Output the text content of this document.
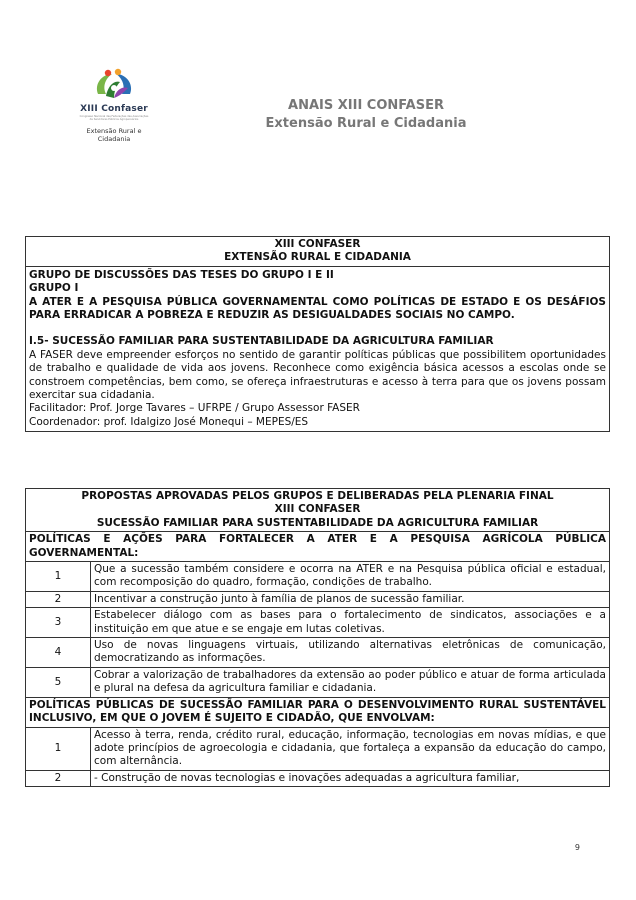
XIII Confaser
Congresso Nacional das Federações das Associações de Servidores Públicos Agropecuários
Extensão Rural e
Cidadania
ANAIS XIII CONFASER
Extensão Rural e Cidadania
XIII CONFASER
EXTENSÃO RURAL E CIDADANIA
GRUPO DE DISCUSSÕES DAS TESES DO GRUPO I E II
GRUPO I
A ATER E A PESQUISA PÚBLICA GOVERNAMENTAL COMO POLÍTICAS DE ESTADO E OS DESÁFIOS PARA ERRADICAR A POBREZA E REDUZIR AS DESIGUALDADES SOCIAIS NO CAMPO.
I.5- SUCESSÃO FAMILIAR PARA SUSTENTABILIDADE DA AGRICULTURA FAMILIAR
A FASER deve empreender esforços no sentido de garantir políticas públicas que possibilitem oportunidades de trabalho e qualidade de vida aos jovens. Reconhece como exigência básica acessos a escolas onde se constroem competências, bem como, se ofereça infraestruturas e acesso à terra para que os jovens possam exercitar sua cidadania.
Facilitador: Prof. Jorge Tavares – UFRPE / Grupo Assessor FASER
Coordenador: prof. Idalgizo José Monequi – MEPES/ES
PROPOSTAS APROVADAS PELOS GRUPOS E DELIBERADAS PELA PLENARIA FINAL
XIII CONFASER
SUCESSÃO FAMILIAR PARA SUSTENTABILIDADE DA AGRICULTURA FAMILIAR	

POLÍTICAS E AÇÕES PARA FORTALECER A ATER E A PESQUISA AGRÍCOLA PÚBLICA GOVERNAMENTAL:	
1	Que a sucessão também considere e ocorra na ATER e na Pesquisa pública oficial e estadual, com recomposição do quadro, formação, condições de trabalho.
2	Incentivar a construção junto à família de planos de sucessão familiar.
3	Estabelecer diálogo com as bases para o fortalecimento de sindicatos, associações e a instituição em que atue e se engaje em lutas coletivas.
4	Uso de novas linguagens virtuais, utilizando alternativas eletrônicas de comunicação, democratizando as informações.
5	Cobrar a valorização de trabalhadores da extensão ao poder público e atuar de forma articulada e plural na defesa da agricultura familiar e cidadania.
POLÍTICAS PÚBLICAS DE SUCESSÃO FAMILIAR PARA O DESENVOLVIMENTO RURAL SUSTENTÁVEL INCLUSIVO, EM QUE O JOVEM É SUJEITO E CIDADÃO, QUE ENVOLVAM:	
1	Acesso à terra, renda, crédito rural, educação, informação, tecnologias em novas mídias, e que adote princípios de agroecologia e cidadania, que fortaleça a expansão da educação do campo, com alternância.
2	- Construção de novas tecnologias e inovações adequadas a agricultura familiar,
9
